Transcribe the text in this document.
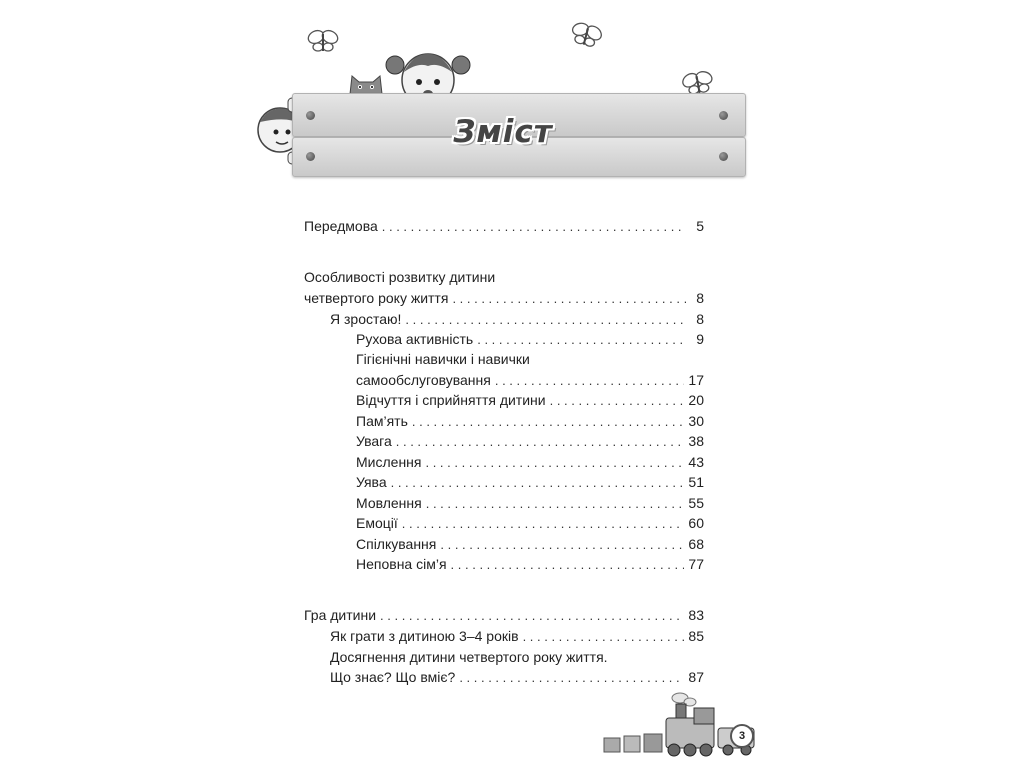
Зміст
Передмова . . .	5
Особливості розвитку дитини
четвертого року життя . . .	8
Я зростаю! . . .	8
Рухова активність . . .	9
Гігієнічні навички і навички
самообслуговування . . .	17
Відчуття і сприйняття дитини . . .	20
Пам’ять . . .	30
Увага . . .	38
Мислення . . .	43
Уява . . .	51
Мовлення . . .	55
Емоції . . .	60
Спілкування . . .	68
Неповна сім’я . . .	77
Гра дитини . . .	83
Як грати з дитиною 3–4 років . . .	85
Досягнення дитини четвертого року життя.
Що знає? Що вміє? . . .	87
3
